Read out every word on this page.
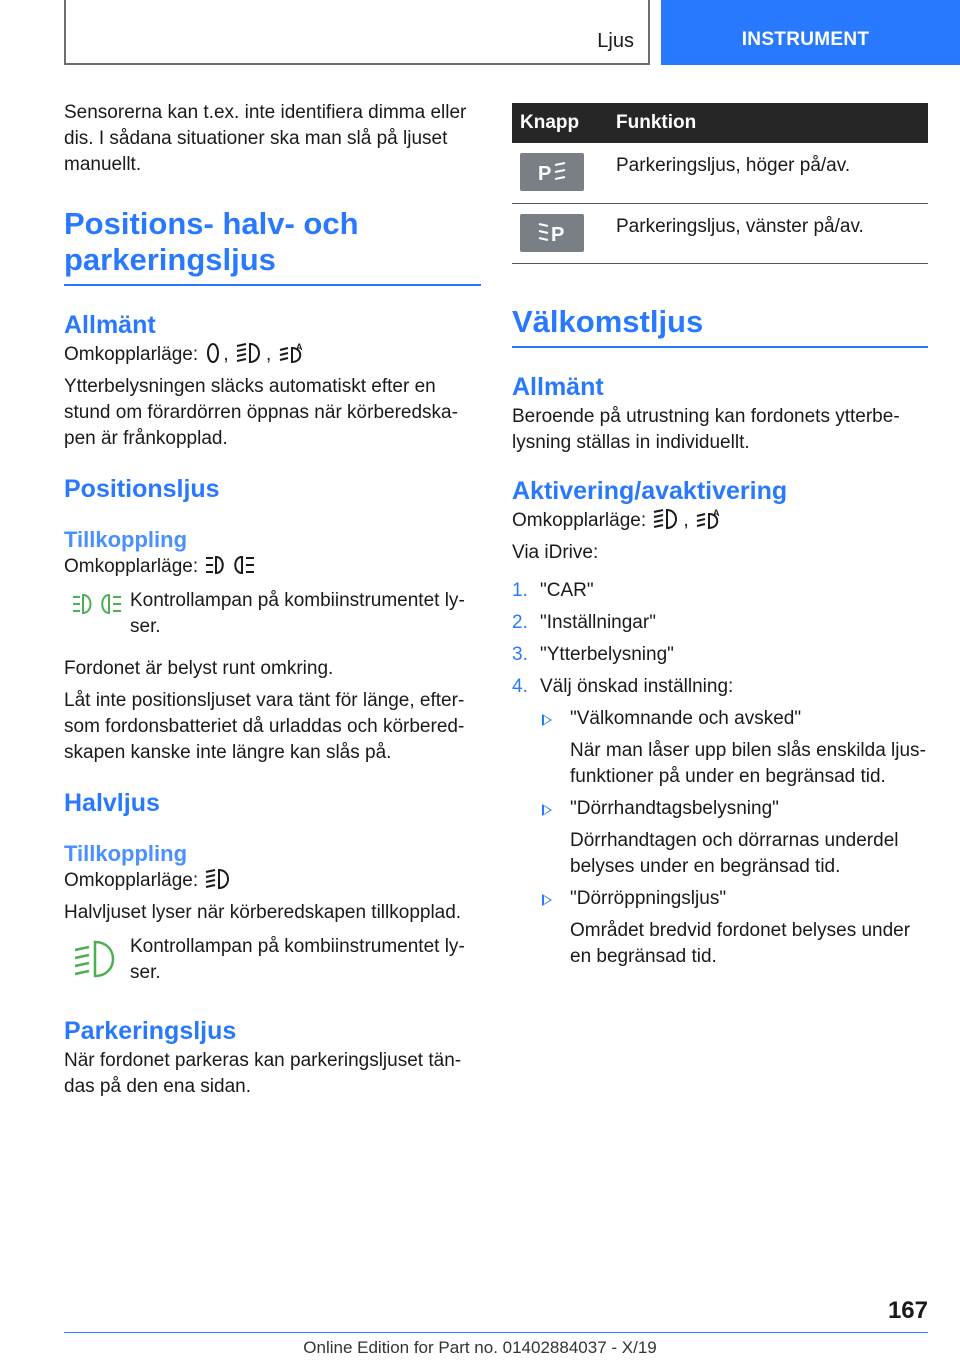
Ljus	INSTRUMENT

Sensorerna kan t.ex. inte identifiera dimma eller dis. I sådana situationer ska man slå på ljuset manuellt.

Positions- halv- och parkeringsljus
Allmänt

Omkopplarläge: , ,	A

Ytterbelysningen släcks automatiskt efter en stund om förardörren öppnas när körberedskapen är frånkopplad.

Positionsljus
Tillkoppling

Omkopplarläge:

Kontrollampan på kombiinstrumentet lyser.

Fordonet är belyst runt omkring.

Låt inte positionsljuset vara tänt för länge, eftersom fordonsbatteriet då urladdas och körberedskapen kanske inte längre kan slås på.

Halvljus
Tillkoppling

Omkopplarläge:

Halvljuset lyser när körberedskapen tillkopplad.

Kontrollampan på kombiinstrumentet lyser.

Parkeringsljus

När fordonet parkeras kan parkeringsljuset tändas på den ena sidan.

Knapp	Funktion

P	Parkeringsljus, höger på/av.

P	Parkeringsljus, vänster på/av.
Välkomstljus
Allmänt

Beroende på utrustning kan fordonets ytterbelysning ställas in individuellt.

Aktivering/avaktivering

Omkopplarläge: ,	A

Via iDrive:

1. "CAR"
2. "Inställningar"
3. "Ytterbelysning"
4. Välj önskad inställning:

"Välkomnande och avsked"

När man låser upp bilen slås enskilda ljusfunktioner på under en begränsad tid.

"Dörrhandtagsbelysning"

Dörrhandtagen och dörrarnas underdel belyses under en begränsad tid.

"Dörröppningsljus"

Området bredvid fordonet belyses under en begränsad tid.

167
Online Edition for Part no. 01402884037 - X/19
